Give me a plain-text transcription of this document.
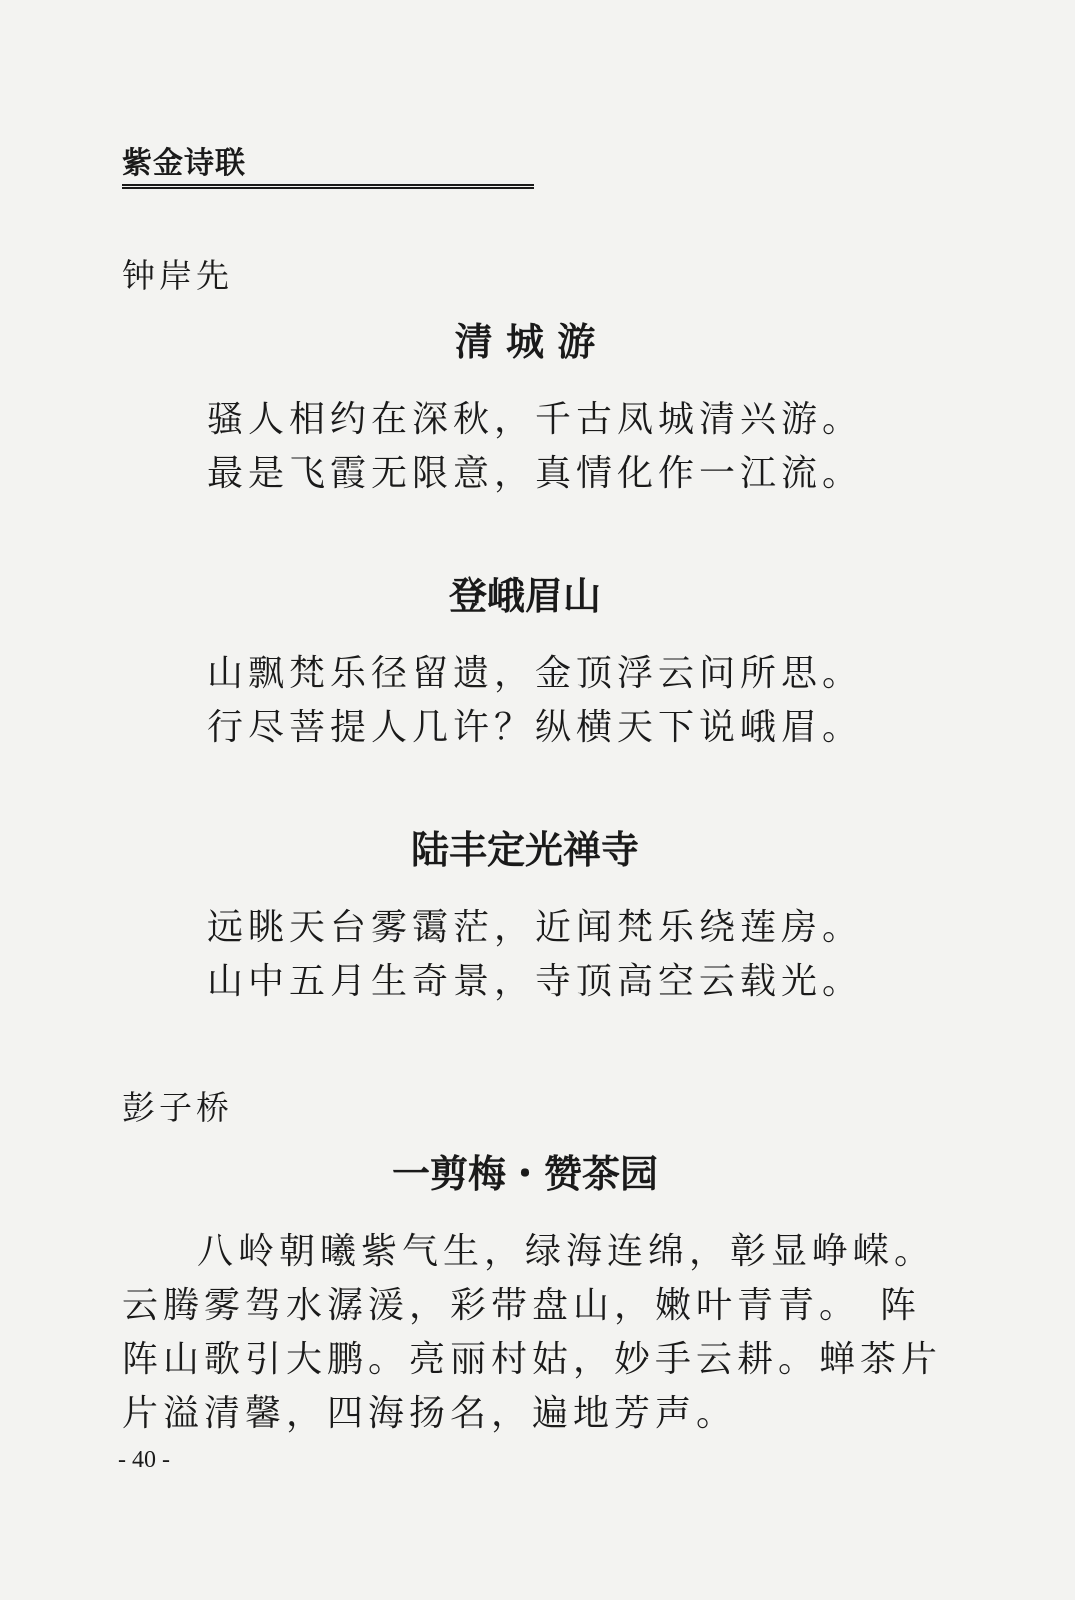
紫金诗联
钟岸先
清 城 游
骚人相约在深秋，千古凤城清兴游。
最是飞霞无限意，真情化作一江流。
登峨眉山
山飘梵乐径留遗，金顶浮云问所思。
行尽菩提人几许？纵横天下说峨眉。
陆丰定光禅寺
远眺天台雾霭茫，近闻梵乐绕莲房。
山中五月生奇景，寺顶高空云载光。
彭子桥
一剪梅・赞茶园
八岭朝曦紫气生，绿海连绵，彰显峥嵘。
云腾雾驾水潺湲，彩带盘山，嫩叶青青。 阵
阵山歌引大鹏。亮丽村姑，妙手云耕。蝉茶片
片溢清馨，四海扬名，遍地芳声。
- 40 -
